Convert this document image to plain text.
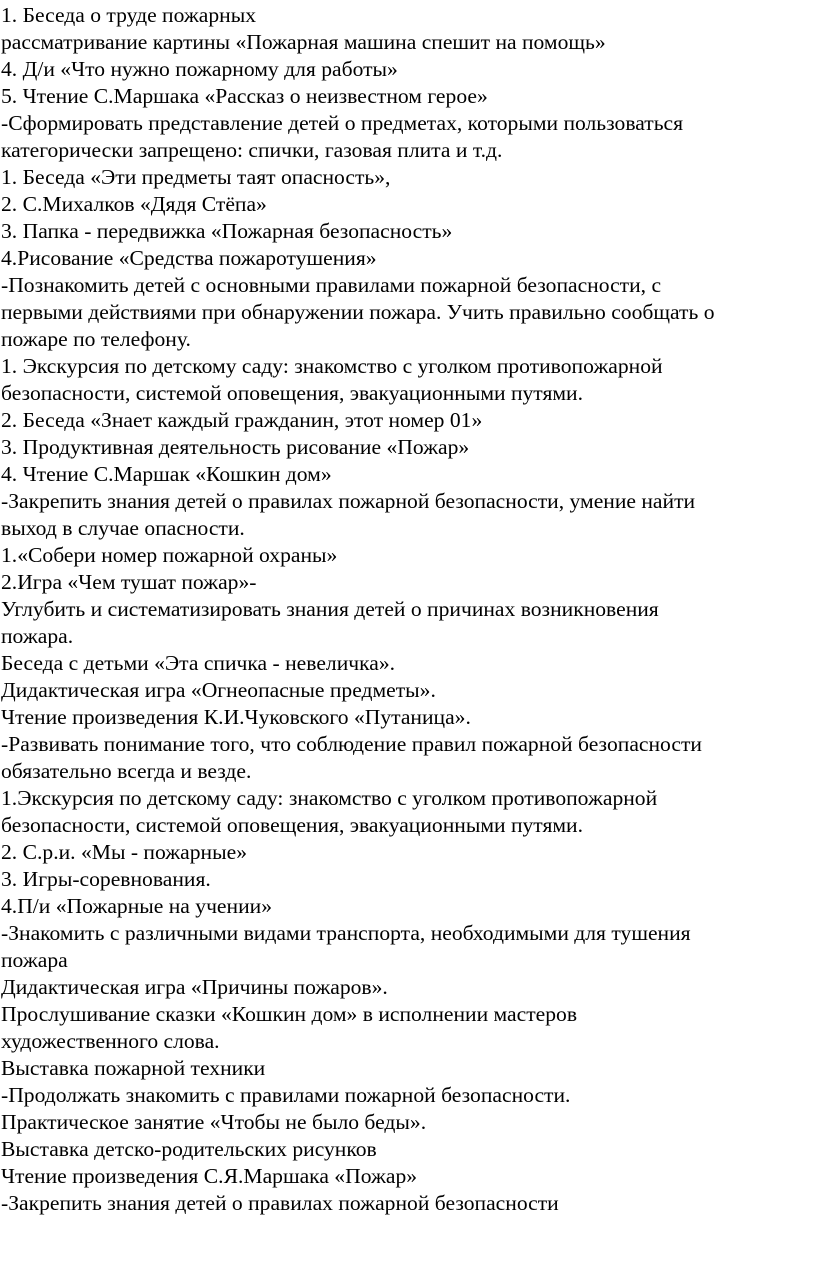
1. Беседа о труде пожарных
рассматривание картины «Пожарная машина спешит на помощь»
4. Д/и «Что нужно пожарному для работы»
5. Чтение С.Маршака «Рассказ о неизвестном герое»
-Сформировать представление детей о предметах, которыми пользоваться
категорически запрещено: спички, газовая плита и т.д.
1. Беседа «Эти предметы таят опасность»,
2. С.Михалков «Дядя Стёпа»
3. Папка - передвижка «Пожарная безопасность»
4.Рисование «Средства пожаротушения»
-Познакомить детей с основными правилами пожарной безопасности, с
первыми действиями при обнаружении пожара. Учить правильно сообщать о
пожаре по телефону.
1. Экскурсия по детскому саду: знакомство с уголком противопожарной
безопасности, системой оповещения, эвакуационными путями.
2. Беседа «Знает каждый гражданин, этот номер 01»
3. Продуктивная деятельность рисование «Пожар»
4. Чтение С.Маршак «Кошкин дом»
-Закрепить знания детей о правилах пожарной безопасности, умение найти
выход в случае опасности.
1.«Собери номер пожарной охраны»
2.Игра «Чем тушат пожар»-
Углубить и систематизировать знания детей о причинах возникновения
пожара.
Беседа с детьми «Эта спичка - невеличка».
Дидактическая игра «Огнеопасные предметы».
Чтение произведения К.И.Чуковского «Путаница».
-Развивать понимание того, что соблюдение правил пожарной безопасности
обязательно всегда и везде.
1.Экскурсия по детскому саду: знакомство с уголком противопожарной
безопасности, системой оповещения, эвакуационными путями.
2. С.р.и. «Мы - пожарные»
3. Игры-соревнования.
4.П/и «Пожарные на учении»
-Знакомить с различными видами транспорта, необходимыми для тушения
пожара
Дидактическая игра «Причины пожаров».
Прослушивание сказки «Кошкин дом» в исполнении мастеров
художественного слова.
Выставка пожарной техники
-Продолжать знакомить с правилами пожарной безопасности.
Практическое занятие «Чтобы не было беды».
Выставка детско-родительских рисунков
Чтение произведения С.Я.Маршака «Пожар»
-Закрепить знания детей о правилах пожарной безопасности
